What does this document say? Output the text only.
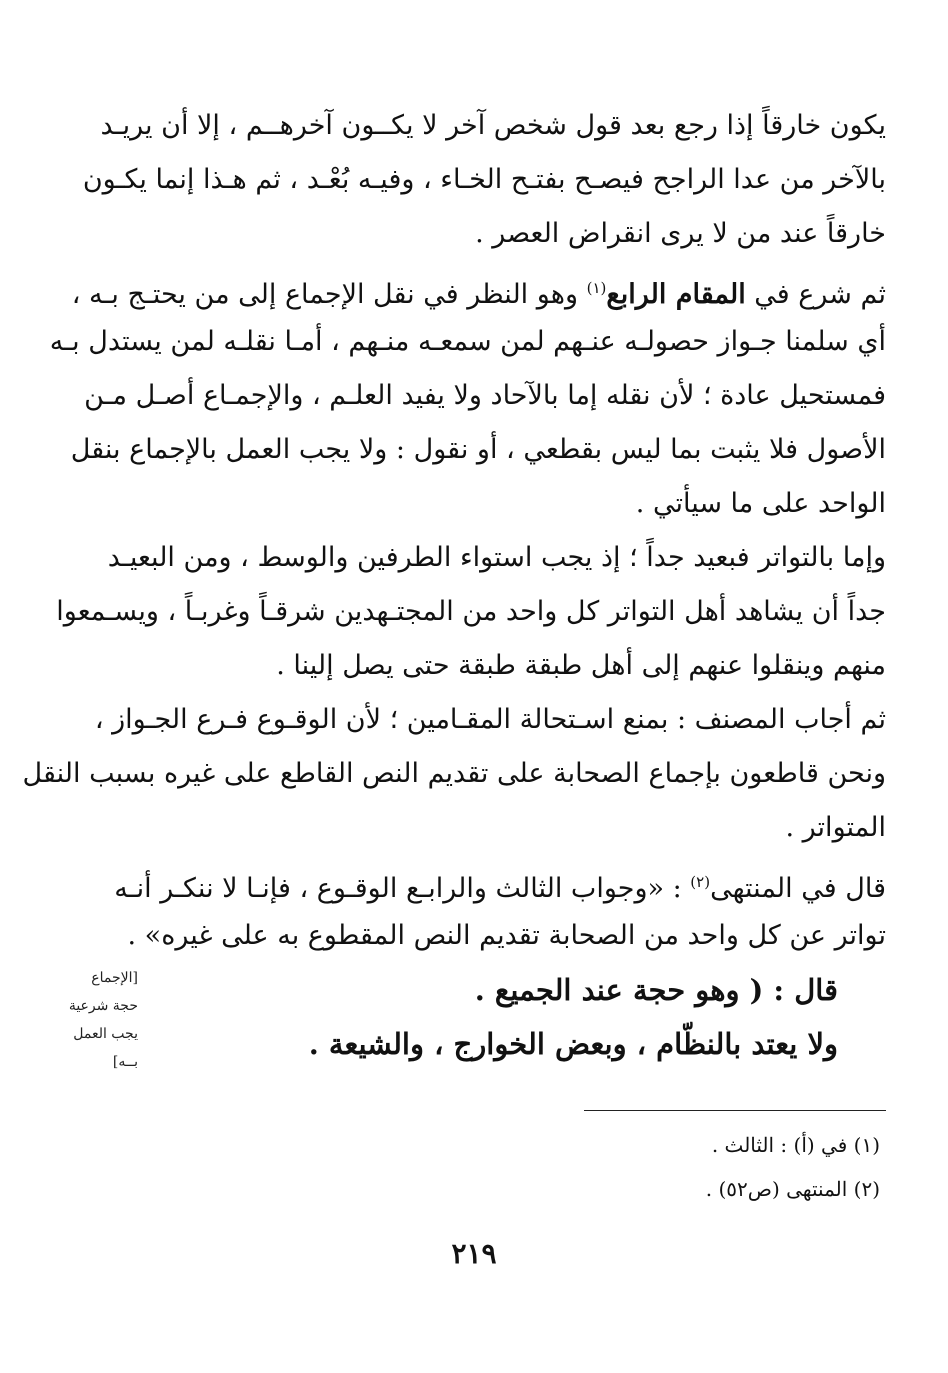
يكون خارقاً إذا رجع بعد قول شخص آخر لا يكــون آخرهــم ، إلا أن يريـد
بالآخر من عدا الراجح فيصـح بفتـح الخـاء ، وفيـه بُعْـد ، ثم هـذا إنما يكـون
خارقاً عند من لا يرى انقراض العصر .
ثم شرع في المقام الرابع$^{(١)}$ وهو النظر في نقل الإجماع إلى من يحتـج بـه ،
أي سلمنا جـواز حصولـه عنـهم لمن سمعـه منـهم ، أمـا نقلـه لمن يستدل بـه
فمستحيل عادة ؛ لأن نقله إما بالآحاد ولا يفيد العلـم ، والإجمـاع أصـل مـن
الأصول فلا يثبت بما ليس بقطعي ، أو نقول : ولا يجب العمل بالإجماع بنقل
الواحد على ما سيأتي .
وإما بالتواتر فبعيد جداً ؛ إذ يجب استواء الطرفين والوسط ، ومن البعيـد
جداً أن يشاهد أهل التواتر كل واحد من المجتـهدين شرقـاً وغربـاً ، ويسـمعوا
منهم وينقلوا عنهم إلى أهل طبقة طبقة حتى يصل إلينا .
ثم أجاب المصنف : بمنع اسـتحالة المقـامين ؛ لأن الوقـوع فـرع الجـواز ،
ونحن قاطعون بإجماع الصحابة على تقديم النص القاطع على غيره بسبب النقل
المتواتر .
قال في المنتهى$^{(٢)}$ : «وجواب الثالث والرابـع الوقـوع ، فإنـا لا ننكـر أنـه
تواتر عن كل واحد من الصحابة تقديم النص المقطوع به على غيره» .
قال : ( وهو حجة عند الجميع .
ولا يعتد بالنظّام ، وبعض الخوارج ، والشيعة .
[الإجماع
حجة شرعية
يجب العمل
بــه]
(١) في (أ) : الثالث .
(٢) المنتهى (ص٥٢) .
٢١٩
